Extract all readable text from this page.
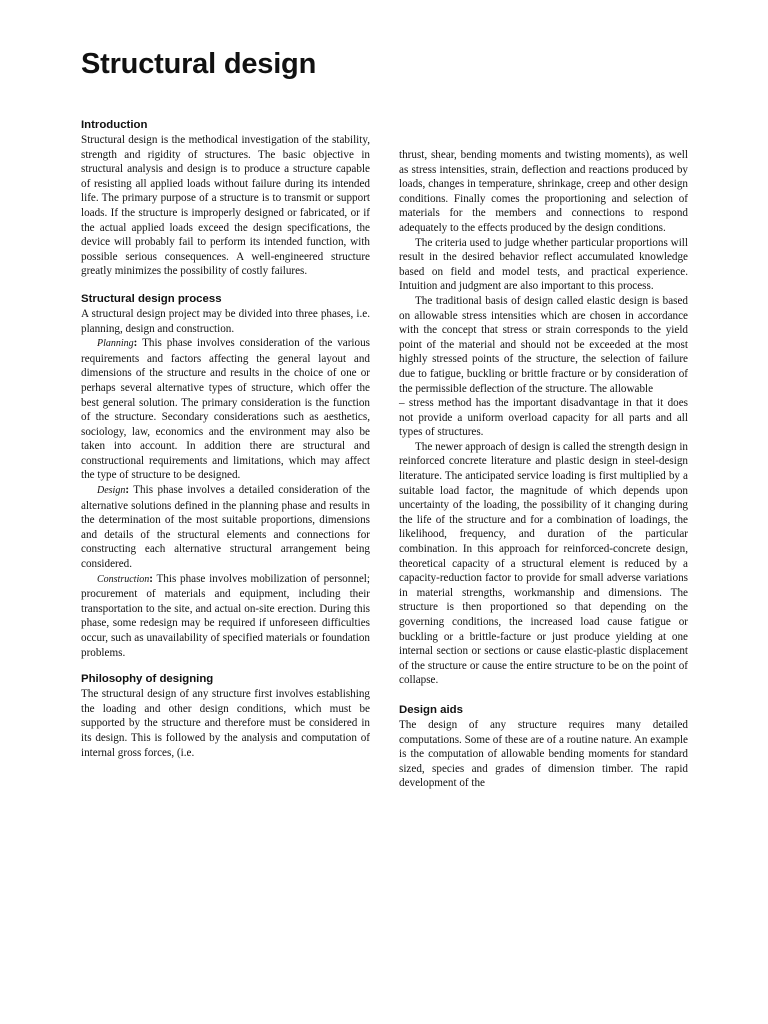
Structural design
Introduction

Structural design is the methodical investigation of the stability, strength and rigidity of structures. The basic objective in structural analysis and design is to produce a structure capable of resisting all applied loads without failure during its intended life. The primary purpose of a structure is to transmit or support loads. If the structure is improperly designed or fabricated, or if the actual applied loads exceed the design specifications, the device will probably fail to perform its intended function, with possible serious consequences. A well-engineered structure greatly minimizes the possibility of costly failures.

Structural design process

A structural design project may be divided into three phases, i.e. planning, design and construction.

Planning: This phase involves consideration of the various requirements and factors affecting the general layout and dimensions of the structure and results in the choice of one or perhaps several alternative types of structure, which offer the best general solution. The primary consideration is the function of the structure. Secondary considerations such as aesthetics, sociology, law, economics and the environment may also be taken into account. In addition there are structural and constructional requirements and limitations, which may affect the type of structure to be designed.

Design: This phase involves a detailed consideration of the alternative solutions defined in the planning phase and results in the determination of the most suitable proportions, dimensions and details of the structural elements and connections for constructing each alternative structural arrangement being considered.

Construction: This phase involves mobilization of personnel; procurement of materials and equipment, including their transportation to the site, and actual on-site erection. During this phase, some redesign may be required if unforeseen difficulties occur, such as unavailability of specified materials or foundation problems.

Philosophy of designing

The structural design of any structure first involves establishing the loading and other design conditions, which must be supported by the structure and therefore must be considered in its design. This is followed by the analysis and computation of internal gross forces, (i.e.

thrust, shear, bending moments and twisting moments), as well as stress intensities, strain, deflection and reactions produced by loads, changes in temperature, shrinkage, creep and other design conditions. Finally comes the proportioning and selection of materials for the members and connections to respond adequately to the effects produced by the design conditions.

The criteria used to judge whether particular proportions will result in the desired behavior reflect accumulated knowledge based on field and model tests, and practical experience. Intuition and judgment are also important to this process.

The traditional basis of design called elastic design is based on allowable stress intensities which are chosen in accordance with the concept that stress or strain corresponds to the yield point of the material and should not be exceeded at the most highly stressed points of the structure, the selection of failure due to fatigue, buckling or brittle fracture or by consideration of the permissible deflection of the structure. The allowable

– stress method has the important disadvantage in that it does not provide a uniform overload capacity for all parts and all types of structures.

The newer approach of design is called the strength design in reinforced concrete literature and plastic design in steel-design literature. The anticipated service loading is first multiplied by a suitable load factor, the magnitude of which depends upon uncertainty of the loading, the possibility of it changing during the life of the structure and for a combination of loadings, the likelihood, frequency, and duration of the particular combination. In this approach for reinforced-concrete design, theoretical capacity of a structural element is reduced by a capacity-reduction factor to provide for small adverse variations in material strengths, workmanship and dimensions. The structure is then proportioned so that depending on the governing conditions, the increased load cause fatigue or buckling or a brittle-facture or just produce yielding at one internal section or sections or cause elastic-plastic displacement of the structure or cause the entire structure to be on the point of collapse.

Design aids

The design of any structure requires many detailed computations. Some of these are of a routine nature. An example is the computation of allowable bending moments for standard sized, species and grades of dimension timber. The rapid development of the
